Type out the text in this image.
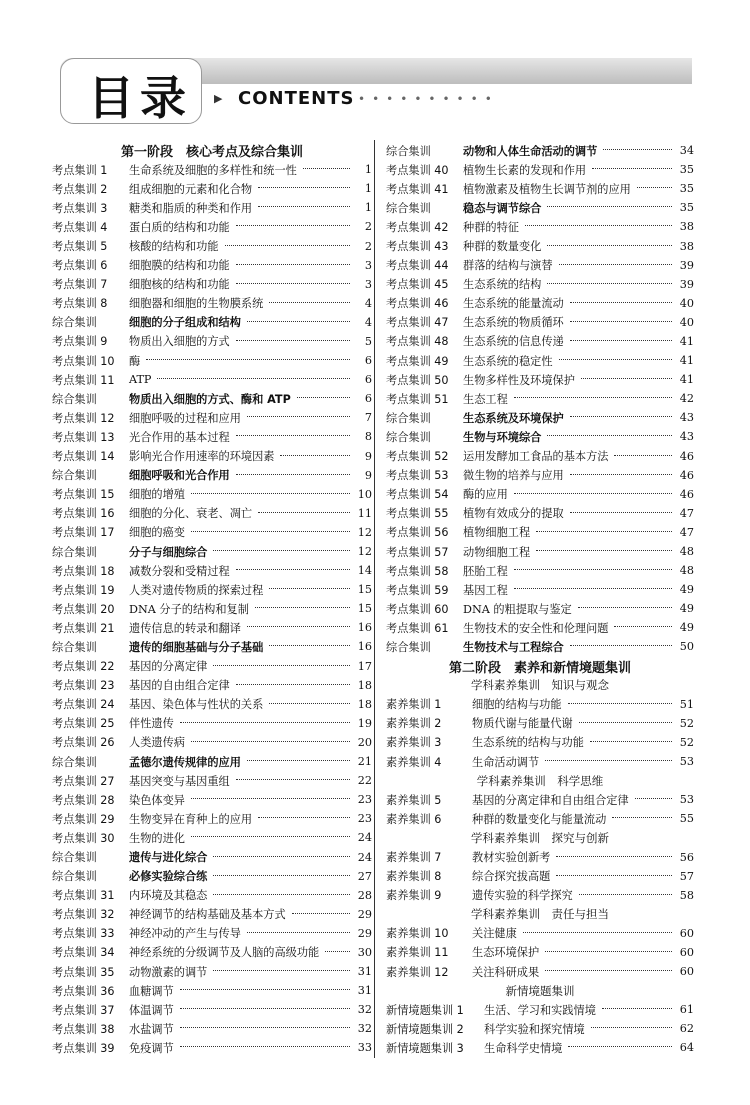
目录 ▶ CONTENTS ••••••••••
第一阶段　核心考点及综合集训
考点集训 1	生命系统及细胞的多样性和统一性	1
考点集训 2	组成细胞的元素和化合物	1
考点集训 3	糖类和脂质的种类和作用	1
考点集训 4	蛋白质的结构和功能	2
考点集训 5	核酸的结构和功能	2
考点集训 6	细胞膜的结构和功能	3
考点集训 7	细胞核的结构和功能	3
考点集训 8	细胞器和细胞的生物膜系统	4
综合集训	细胞的分子组成和结构	4
考点集训 9	物质出入细胞的方式	5
考点集训 10	酶	6
考点集训 11	ATP	6
综合集训	物质出入细胞的方式、酶和 ATP	6
考点集训 12	细胞呼吸的过程和应用	7
考点集训 13	光合作用的基本过程	8
考点集训 14	影响光合作用速率的环境因素	9
综合集训	细胞呼吸和光合作用	9
考点集训 15	细胞的增殖	10
考点集训 16	细胞的分化、衰老、凋亡	11
考点集训 17	细胞的癌变	12
综合集训	分子与细胞综合	12
考点集训 18	减数分裂和受精过程	14
考点集训 19	人类对遗传物质的探索过程	15
考点集训 20	DNA 分子的结构和复制	15
考点集训 21	遗传信息的转录和翻译	16
综合集训	遗传的细胞基础与分子基础	16
考点集训 22	基因的分离定律	17
考点集训 23	基因的自由组合定律	18
考点集训 24	基因、染色体与性状的关系	18
考点集训 25	伴性遗传	19
考点集训 26	人类遗传病	20
综合集训	孟德尔遗传规律的应用	21
考点集训 27	基因突变与基因重组	22
考点集训 28	染色体变异	23
考点集训 29	生物变异在育种上的应用	23
考点集训 30	生物的进化	24
综合集训	遗传与进化综合	24
综合集训	必修实验综合练	27
考点集训 31	内环境及其稳态	28
考点集训 32	神经调节的结构基础及基本方式	29
考点集训 33	神经冲动的产生与传导	29
考点集训 34	神经系统的分级调节及人脑的高级功能	30
考点集训 35	动物激素的调节	31
考点集训 36	血糖调节	31
考点集训 37	体温调节	32
考点集训 38	水盐调节	32
考点集训 39	免疫调节	33
综合集训	动物和人体生命活动的调节	34
考点集训 40	植物生长素的发现和作用	35
考点集训 41	植物激素及植物生长调节剂的应用	35
综合集训	稳态与调节综合	35
考点集训 42	种群的特征	38
考点集训 43	种群的数量变化	38
考点集训 44	群落的结构与演替	39
考点集训 45	生态系统的结构	39
考点集训 46	生态系统的能量流动	40
考点集训 47	生态系统的物质循环	40
考点集训 48	生态系统的信息传递	41
考点集训 49	生态系统的稳定性	41
考点集训 50	生物多样性及环境保护	41
考点集训 51	生态工程	42
综合集训	生态系统及环境保护	43
综合集训	生物与环境综合	43
考点集训 52	运用发酵加工食品的基本方法	46
考点集训 53	微生物的培养与应用	46
考点集训 54	酶的应用	46
考点集训 55	植物有效成分的提取	47
考点集训 56	植物细胞工程	47
考点集训 57	动物细胞工程	48
考点集训 58	胚胎工程	48
考点集训 59	基因工程	49
考点集训 60	DNA 的粗提取与鉴定	49
考点集训 61	生物技术的安全性和伦理问题	49
综合集训	生物技术与工程综合	50
第二阶段　素养和新情境题集训
学科素养集训　知识与观念
素养集训 1	细胞的结构与功能	51
素养集训 2	物质代谢与能量代谢	52
素养集训 3	生态系统的结构与功能	52
素养集训 4	生命活动调节	53
学科素养集训　科学思维
素养集训 5	基因的分离定律和自由组合定律	53
素养集训 6	种群的数量变化与能量流动	55
学科素养集训　探究与创新
素养集训 7	教材实验创新考	56
素养集训 8	综合探究拔高题	57
素养集训 9	遗传实验的科学探究	58
学科素养集训　责任与担当
素养集训 10	关注健康	60
素养集训 11	生态环境保护	60
素养集训 12	关注科研成果	60
新情境题集训
新情境题集训 1	生活、学习和实践情境	61
新情境题集训 2	科学实验和探究情境	62
新情境题集训 3	生命科学史情境	64
